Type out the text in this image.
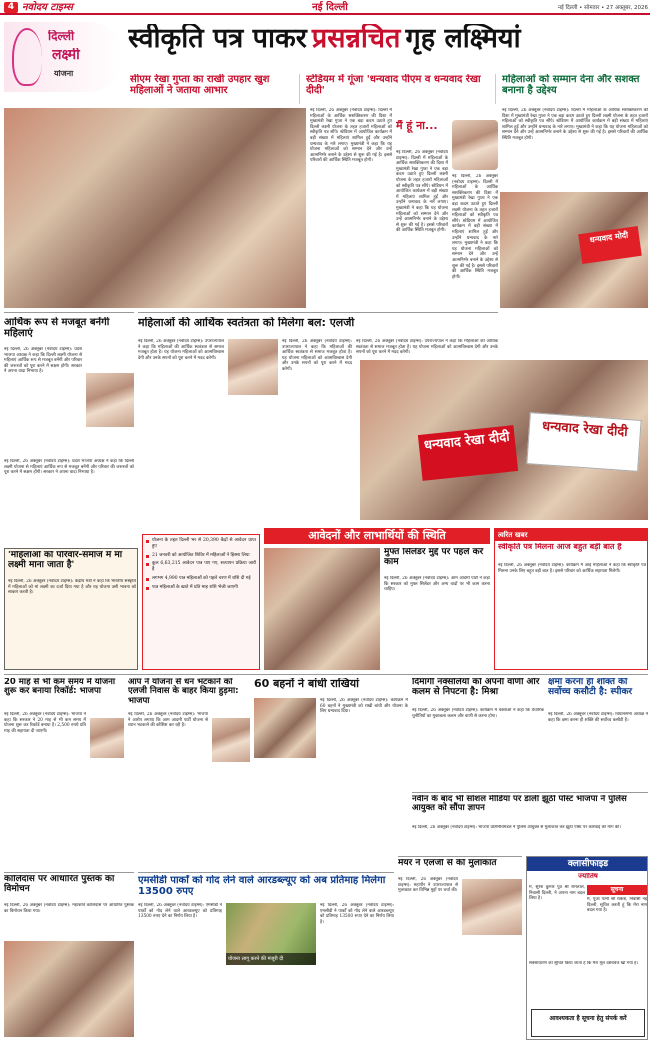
4 नवोदय टाइम्स	नई दिल्ली	नई दिल्ली • सोमवार • 27 अक्तूबर, 2026
दिल्ली
लक्ष्मी
योजना
स्वीकृति पत्र पाकर प्रसन्नचित गृह लक्ष्मियां
सीएम रेखा गुप्ता का राखी उपहार खुश महिलाओं ने जताया आभार
स्टेडियम में गूंजा 'धन्यवाद पीएम व धन्यवाद रेखा दीदी'
महिलाओं को सम्मान देना और सशक्त बनाना है उद्देश्य
नई दिल्ली, 26 अक्तूबर (नवोदय टाइम्स): दिल्ली में महिलाओं के आर्थिक सशक्तिकरण की दिशा में मुख्यमंत्री रेखा गुप्ता ने एक बड़ा कदम उठाते हुए दिल्ली लक्ष्मी योजना के तहत हजारों महिलाओं को स्वीकृति पत्र सौंपे। स्टेडियम में आयोजित कार्यक्रम में बड़ी संख्या में महिलाएं शामिल हुईं और उन्होंने धन्यवाद के नारे लगाए। मुख्यमंत्री ने कहा कि यह योजना महिलाओं को सम्मान देने और उन्हें आत्मनिर्भर बनाने के उद्देश्य से शुरू की गई है। इससे परिवारों की आर्थिक स्थिति मजबूत होगी।
नई दिल्ली, 26 अक्तूबर (नवोदय टाइम्स): दिल्ली में महिलाओं के आर्थिक सशक्तिकरण की दिशा में मुख्यमंत्री रेखा गुप्ता ने एक बड़ा कदम उठाते हुए दिल्ली लक्ष्मी योजना के तहत हजारों महिलाओं को स्वीकृति पत्र सौंपे। स्टेडियम में आयोजित कार्यक्रम में बड़ी संख्या में महिलाएं शामिल हुईं और उन्होंने धन्यवाद के नारे लगाए। मुख्यमंत्री ने कहा कि यह योजना महिलाओं को सम्मान देने और उन्हें आत्मनिर्भर बनाने के उद्देश्य से शुरू की गई है। इससे परिवारों की आर्थिक स्थिति मजबूत होगी।
मैं हूं ना...
नई दिल्ली, 26 अक्तूबर (नवोदय टाइम्स): दिल्ली में महिलाओं के आर्थिक सशक्तिकरण की दिशा में मुख्यमंत्री रेखा गुप्ता ने एक बड़ा कदम उठाते हुए दिल्ली लक्ष्मी योजना के तहत हजारों महिलाओं को स्वीकृति पत्र सौंपे। स्टेडियम में आयोजित कार्यक्रम में बड़ी संख्या में महिलाएं शामिल हुईं और उन्होंने धन्यवाद के नारे लगाए। मुख्यमंत्री ने कहा कि यह योजना महिलाओं को सम्मान देने और उन्हें आत्मनिर्भर बनाने के उद्देश्य से शुरू की गई है। इससे परिवारों की आर्थिक स्थिति मजबूत होगी।
नई दिल्ली, 26 अक्तूबर (नवोदय टाइम्स): दिल्ली में महिलाओं के आर्थिक सशक्तिकरण की दिशा में मुख्यमंत्री रेखा गुप्ता ने एक बड़ा कदम उठाते हुए दिल्ली लक्ष्मी योजना के तहत हजारों महिलाओं को स्वीकृति पत्र सौंपे। स्टेडियम में आयोजित कार्यक्रम में बड़ी संख्या में महिलाएं शामिल हुईं और उन्होंने धन्यवाद के नारे लगाए। मुख्यमंत्री ने कहा कि यह योजना महिलाओं को सम्मान देने और उन्हें आत्मनिर्भर बनाने के उद्देश्य से शुरू की गई है। इससे परिवारों की आर्थिक स्थिति मजबूत होगी।
धन्यवाद मोदी
आर्थिक रूप से मजबूत बनेंगी महिलाएं
नई दिल्ली, 26 अक्तूबर (नवोदय टाइम्स): प्रदेश भाजपा अध्यक्ष ने कहा कि दिल्ली लक्ष्मी योजना से महिलाएं आर्थिक रूप से मजबूत बनेंगी और परिवार की जरूरतों को पूरा करने में सक्षम होंगी। सरकार ने अपना वादा निभाया है।
नई दिल्ली, 26 अक्तूबर (नवोदय टाइम्स): प्रदेश भाजपा अध्यक्ष ने कहा कि दिल्ली लक्ष्मी योजना से महिलाएं आर्थिक रूप से मजबूत बनेंगी और परिवार की जरूरतों को पूरा करने में सक्षम होंगी। सरकार ने अपना वादा निभाया है।
महिलाओं की आर्थिक स्वतंत्रता को मिलेगा बल: एलजी
नई दिल्ली, 26 अक्तूबर (नवोदय टाइम्स): उपराज्यपाल ने कहा कि महिलाओं की आर्थिक स्वतंत्रता से समाज मजबूत होता है। यह योजना महिलाओं को आत्मविश्वास देगी और उनके सपनों को पूरा करने में मदद करेगी।
नई दिल्ली, 26 अक्तूबर (नवोदय टाइम्स): उपराज्यपाल ने कहा कि महिलाओं की आर्थिक स्वतंत्रता से समाज मजबूत होता है। यह योजना महिलाओं को आत्मविश्वास देगी और उनके सपनों को पूरा करने में मदद करेगी।
नई दिल्ली, 26 अक्तूबर (नवोदय टाइम्स): उपराज्यपाल ने कहा कि महिलाओं की आर्थिक स्वतंत्रता से समाज मजबूत होता है। यह योजना महिलाओं को आत्मविश्वास देगी और उनके सपनों को पूरा करने में मदद करेगी।
धन्यवाद रेखा दीदी
धन्यवाद रेखा दीदी
'महिलाओं को परिवार-समाज में मां लक्ष्मी माना जाता है'
नई दिल्ली, 26 अक्तूबर (नवोदय टाइम्स): केंद्रीय मंत्री ने कहा कि भारतीय संस्कृति में महिलाओं को मां लक्ष्मी का दर्जा दिया गया है और यह योजना उसी भावना को साकार करती है।
योजना के तहत दिल्ली भर से 20,390 केंद्रों से आवेदन प्राप्त हुए
21 जनवरी को आयोजित शिविर में महिलाओं ने हिस्सा लिया
कुल 6,63,215 आवेदन पात्र पाए गए, सत्यापन प्रक्रिया जारी है
लगभग 4,990 पात्र महिलाओं को पहले चरण में राशि दी गई
पात्र महिलाओं के खाते में प्रति माह राशि भेजी जाएगी
आवेदनों और लाभार्थियों की स्थिति
मुफ्त सिलेंडर मुद्दे पर पहले करे काम
नई दिल्ली, 26 अक्तूबर (नवोदय टाइम्स): आम आदमी पार्टी ने कहा कि सरकार को मुफ्त सिलेंडर और अन्य वादों पर भी काम करना चाहिए।
त्वरित खबर
स्वीकृति पत्र मिलना आज बहुत बड़ी बात है
नई दिल्ली, 26 अक्तूबर (नवोदय टाइम्स): कार्यक्रम में आई महिलाओं ने कहा कि स्वीकृति पत्र मिलना उनके लिए बहुत बड़ी बात है। इससे परिवार को आर्थिक सहायता मिलेगी।
20 माह से भी कम समय में योजना शुरू कर बनाया रिकॉर्ड: भाजपा
नई दिल्ली, 26 अक्तूबर (नवोदय टाइम्स): भाजपा ने कहा कि सरकार ने 20 माह से भी कम समय में योजना शुरू कर रिकॉर्ड बनाया है। 2,500 रुपये प्रति माह की सहायता दी जाएगी।
आप ने योजना से धन भटकाने को एलजी निवास के बाहर किया हुड़मा: भाजपा
नई दिल्ली, 26 अक्तूबर (नवोदय टाइम्स): भाजपा ने आरोप लगाया कि आम आदमी पार्टी योजना से ध्यान भटकाने की कोशिश कर रही है।
60 बहनों ने बांधी राखियां
नई दिल्ली, 26 अक्तूबर (नवोदय टाइम्स): कार्यक्रम में 60 बहनों ने मुख्यमंत्री को राखी बांधी और योजना के लिए धन्यवाद दिया।
दिमागी नक्सलियों को अपनी वाणी और कलम से निपटना है: मिश्रा
नई दिल्ली, 26 अक्तूबर (नवोदय टाइम्स): कार्यक्रम में वक्ताओं ने कहा कि वैचारिक चुनौतियों का मुकाबला कलम और वाणी से करना होगा।
क्षमा करना ही शक्ति की सर्वोच्च कसौटी है: स्पीकर
नई दिल्ली, 26 अक्तूबर (नवोदय टाइम्स): विधानसभा अध्यक्ष ने कहा कि क्षमा करना ही शक्ति की सर्वोच्च कसौटी है।
नवीन के बाद भी सोशल मीडिया पर डाली झूठी पोस्ट भाजपा ने पुलिस आयुक्त को सौंपा ज्ञापन
नई दिल्ली, 26 अक्तूबर (नवोदय टाइम्स): भाजपा प्रतिनिधिमंडल ने पुलिस आयुक्त से मुलाकात कर झूठी पोस्ट पर कार्रवाई की मांग की।
कालिदास पर आधारित पुस्तक का विमोचन
नई दिल्ली, 26 अक्तूबर (नवोदय टाइम्स): महाकवि कालिदास पर आधारित पुस्तक का विमोचन किया गया।
एमसीडी पार्कों को गोद लेने वाले आरडब्ल्यूए को अब प्रतिमाह मिलेगा 13500 रुपए
नई दिल्ली, 26 अक्तूबर (नवोदय टाइम्स): एमसीडी ने पार्कों को गोद लेने वाले आरडब्ल्यूए को प्रतिमाह 13500 रुपए देने का निर्णय लिया है।
योजना लागू करने की मंजूरी दी
नई दिल्ली, 26 अक्तूबर (नवोदय टाइम्स): एमसीडी ने पार्कों को गोद लेने वाले आरडब्ल्यूए को प्रतिमाह 13500 रुपए देने का निर्णय लिया है।
मेयर ने एलजी से की मुलाकात
नई दिल्ली, 26 अक्तूबर (नवोदय टाइम्स): महापौर ने उपराज्यपाल से मुलाकात कर विभिन्न मुद्दों पर चर्चा की।
क्लासीफाइड
ज्योतिष
मैं, सुरेश कुमार पुत्र श्री रामलाल, निवासी दिल्ली, ने अपना नाम बदल लिया है।
सूचना
मैं, पूजा पत्नी श्री राकेश, निवासी नई दिल्ली, सूचित करती हूं कि मेरा नाम बदल गया है।
सर्वसाधारण को सूचित किया जाता है कि मेरा मूल दस्तावेज खो गया है।
आवश्यकता है सूचना हेतु संपर्क करें
